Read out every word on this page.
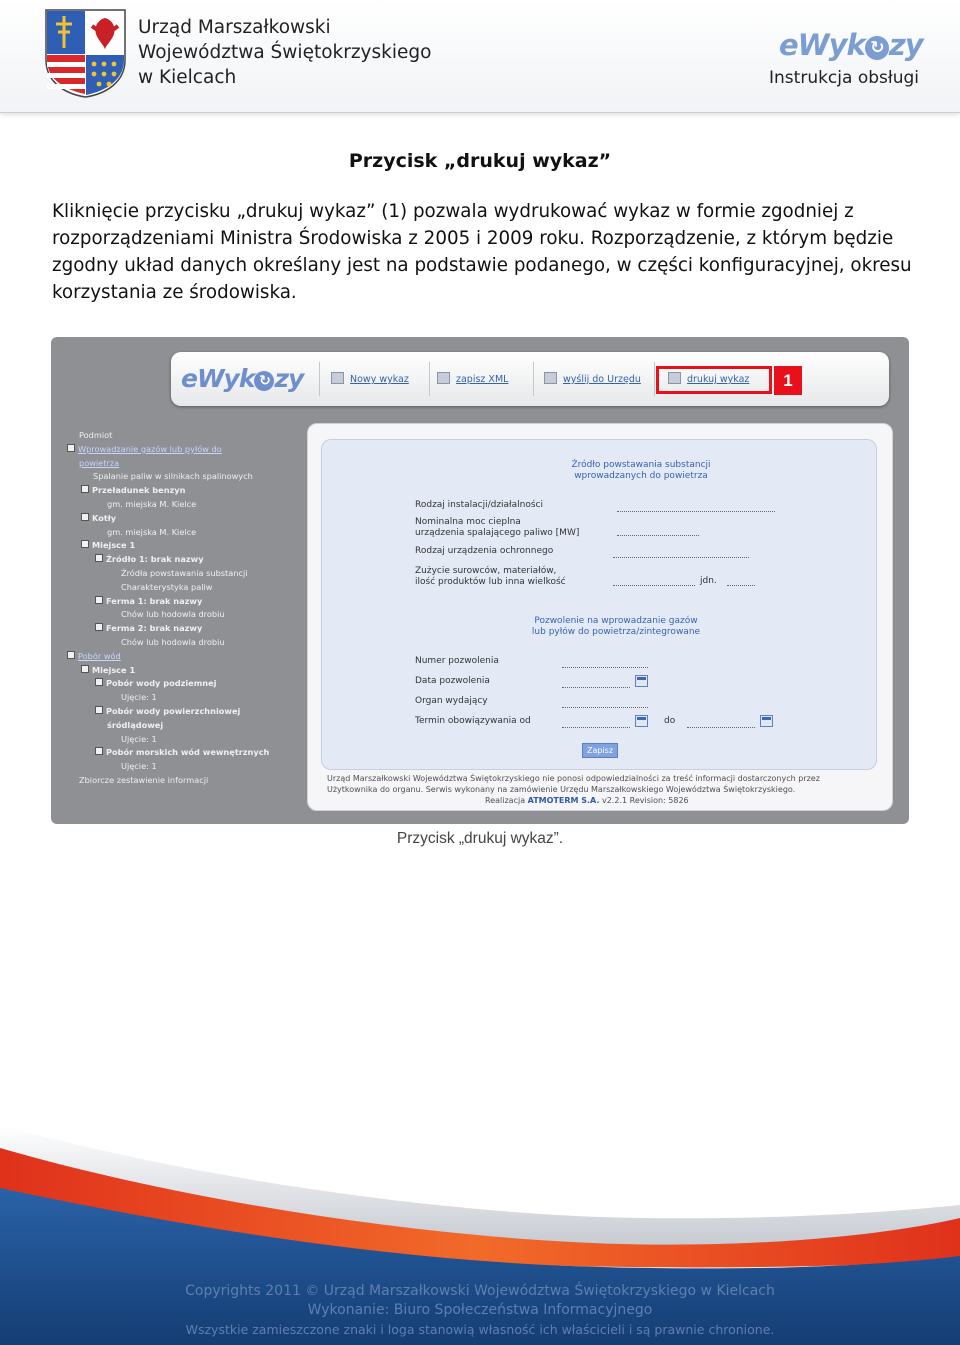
Urząd Marszałkowski
Województwa Świętokrzyskiego
w Kielcach
eWyk ↻ zy
Instrukcja obsługi
Przycisk „drukuj wykaz”

Kliknięcie przycisku „drukuj wykaz” (1) pozwala wydrukować wykaz w formie zgodniej z rozporządzeniami Ministra Środowiska z 2005 i 2009 roku. Rozporządzenie, z którym będzie zgodny układ danych określany jest na podstawie podanego, w części konfiguracyjnej, okresu korzystania ze środowiska.

eWyk ↻ zy	Nowy wykaz	zapisz XML	wyślij do Urzędu	drukuj wykaz	1
Podmiot
Wprowadzanie gazów lub pyłów do
powietrza
Spalanie paliw w silnikach spalinowych
Przeładunek benzyn
gm. miejska M. Kielce
Kotły
gm. miejska M. Kielce
Miejsce 1
Źródło 1: brak nazwy
Źródła powstawania substancji
Charakterystyka paliw
Ferma 1: brak nazwy
Chów lub hodowla drobiu
Ferma 2: brak nazwy
Chów lub hodowla drobiu
Pobór wód
Miejsce 1
Pobór wody podziemnej
Ujęcie: 1
Pobór wody powierzchniowej
śródlądowej
Ujęcie: 1
Pobór morskich wód wewnętrznych
Ujęcie: 1
Zbiorcze zestawienie informacji
Źródło powstawania substancji
wprowadzanych do powietrza
Rodzaj instalacji/działalności
Nominalna moc cieplna
urządzenia spalającego paliwo [MW]
Rodzaj urządzenia ochronnego
Zużycie surowców, materiałów,
ilość produktów lub inna wielkość	jdn.
Pozwolenie na wprowadzanie gazów
lub pyłów do powietrza/zintegrowane
Numer pozwolenia
Data pozwolenia
Organ wydający
Termin obowiązywania od	do
Zapisz
Urząd Marszałkowski Województwa Świętokrzyskiego nie ponosi odpowiedzialności za treść informacji dostarczonych przez
Użytkownika do organu. Serwis wykonany na zamówienie Urzędu Marszałkowskiego Województwa Świętokrzyskiego.
Realizacja ATMOTERM S.A. v2.2.1 Revision: 5826
Przycisk „drukuj wykaz”.
Copyrights 2011 © Urząd Marszałkowski Województwa Świętokrzyskiego w Kielcach
Wykonanie: Biuro Społeczeństwa Informacyjnego
Wszystkie zamieszczone znaki i loga stanowią własność ich właścicieli i są prawnie chronione.
